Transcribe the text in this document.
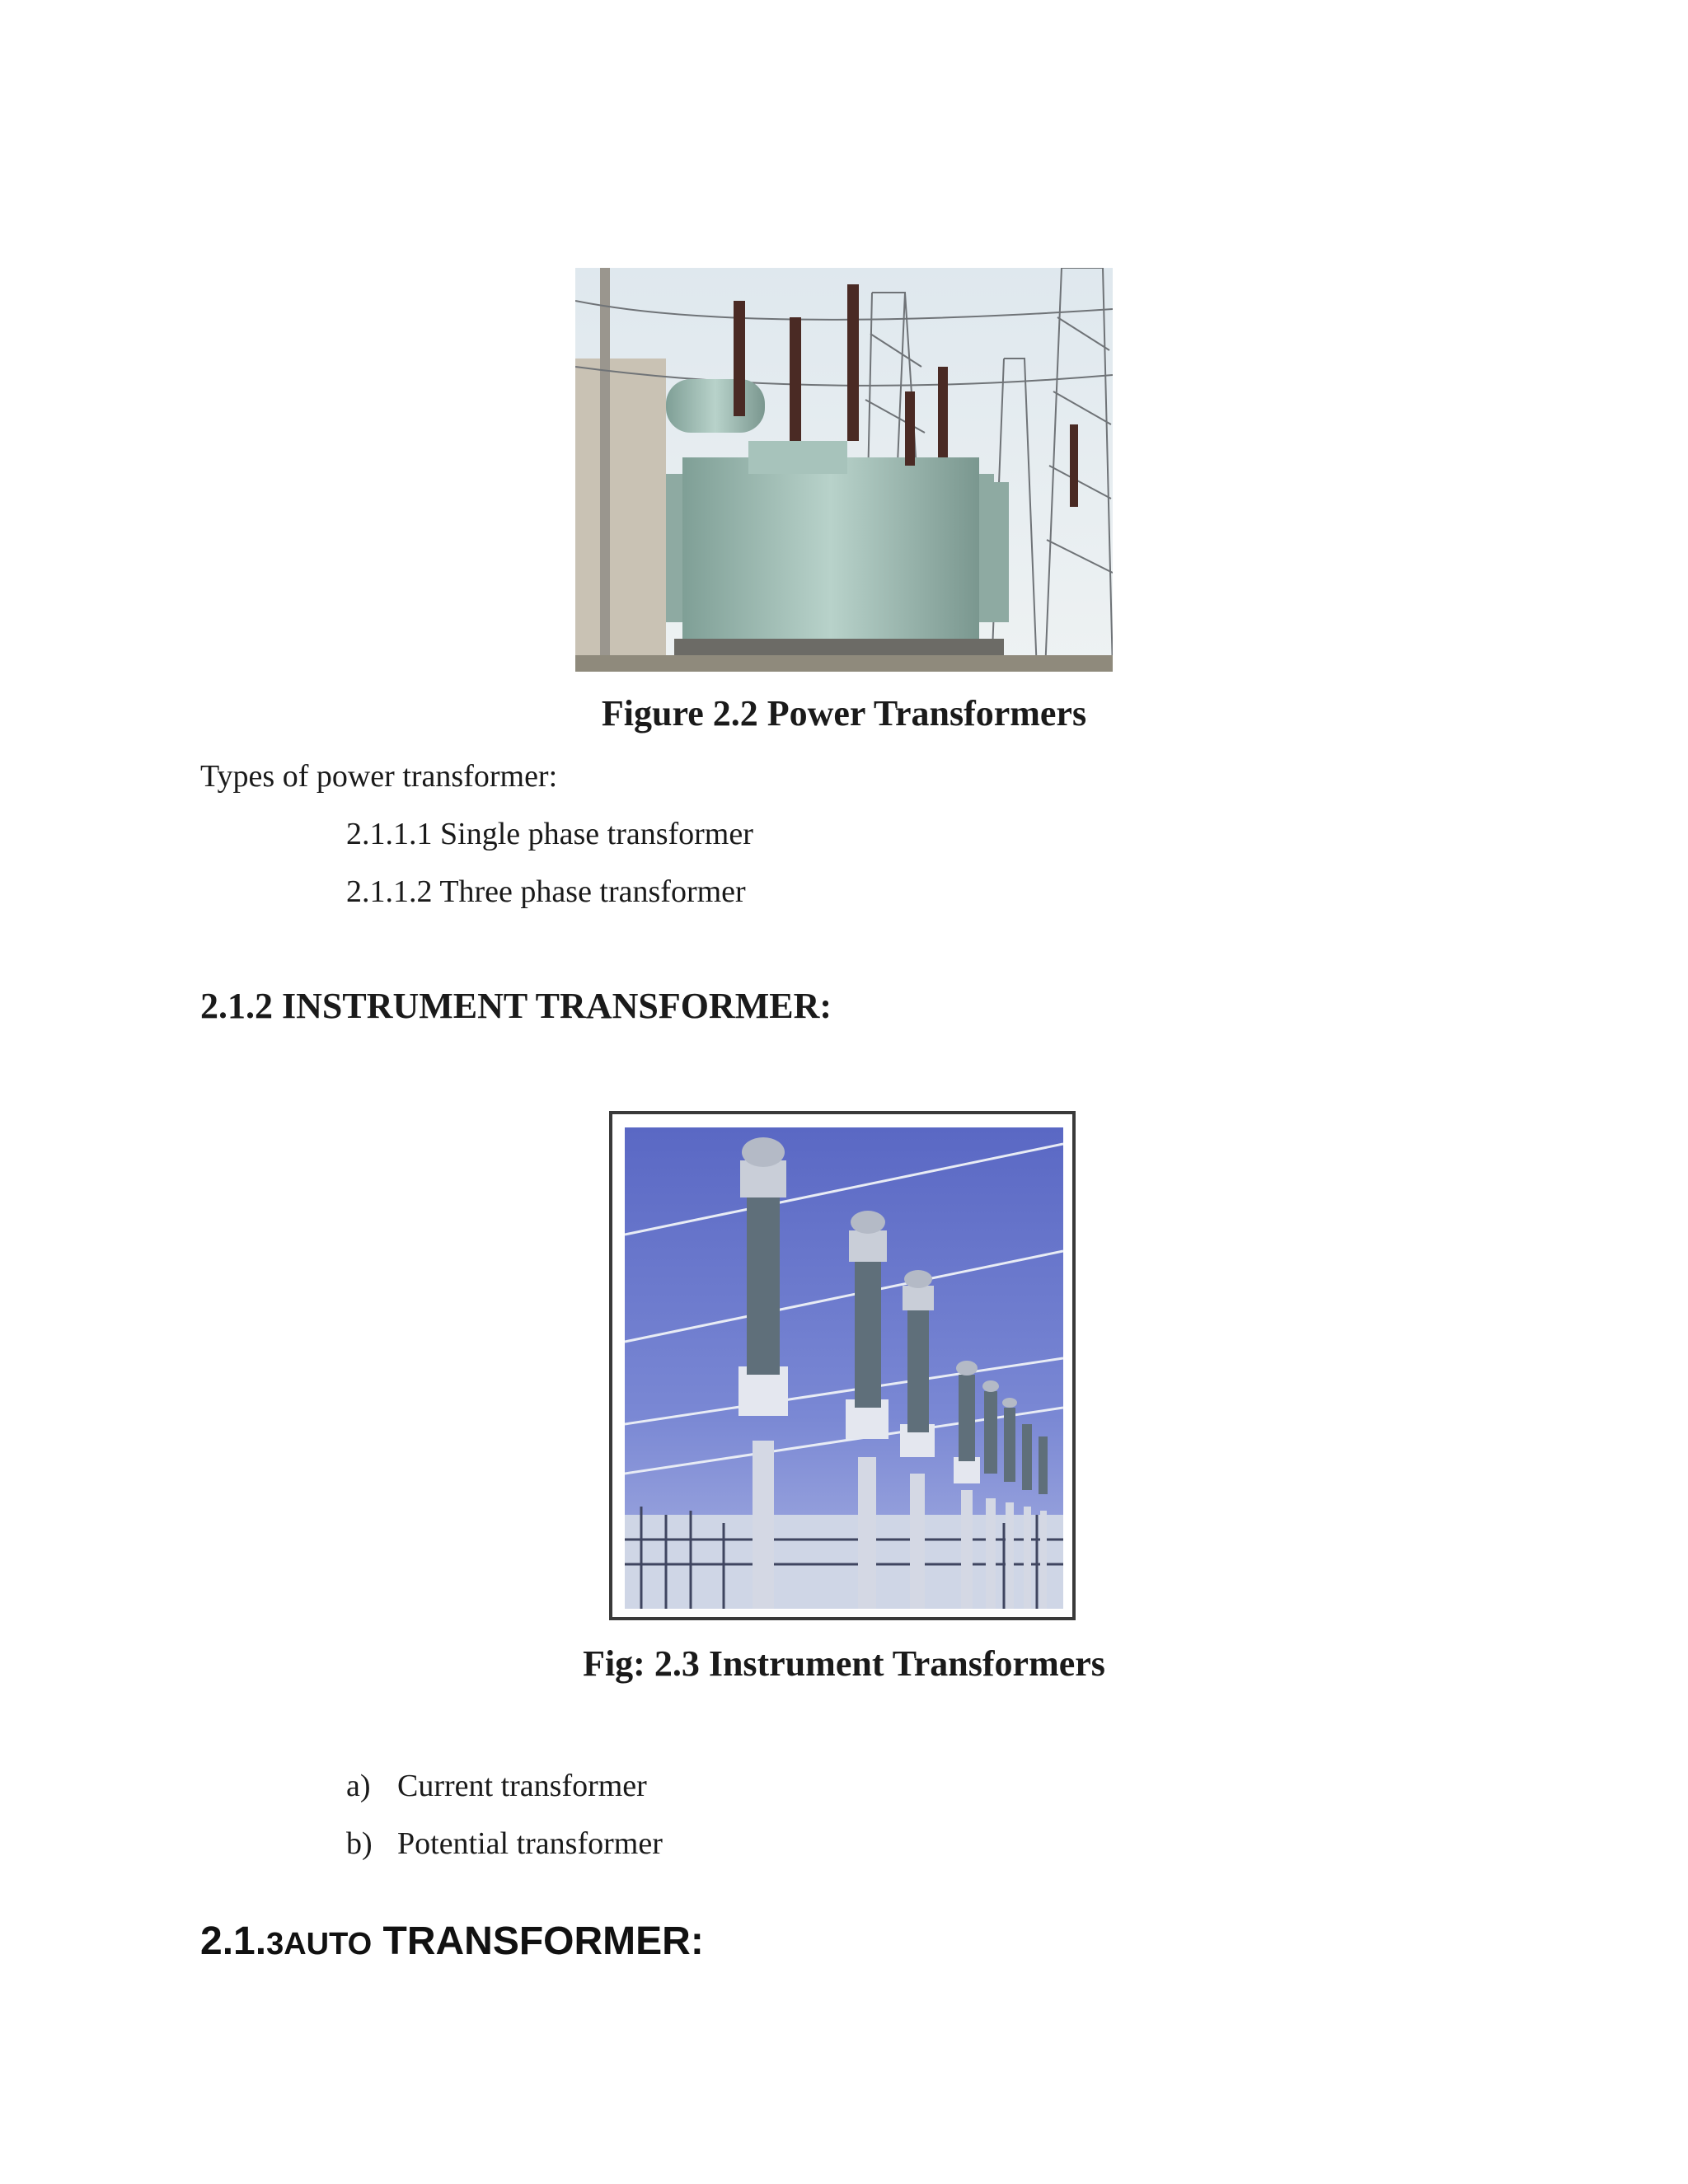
Figure 2.2 Power Transformers
Types of power transformer:
2.1.1.1 Single phase transformer
2.1.1.2 Three phase transformer
2.1.2 INSTRUMENT TRANSFORMER:
Fig: 2.3 Instrument Transformers
a) Current transformer
b) Potential transformer
2.1.3AUTO TRANSFORMER:
